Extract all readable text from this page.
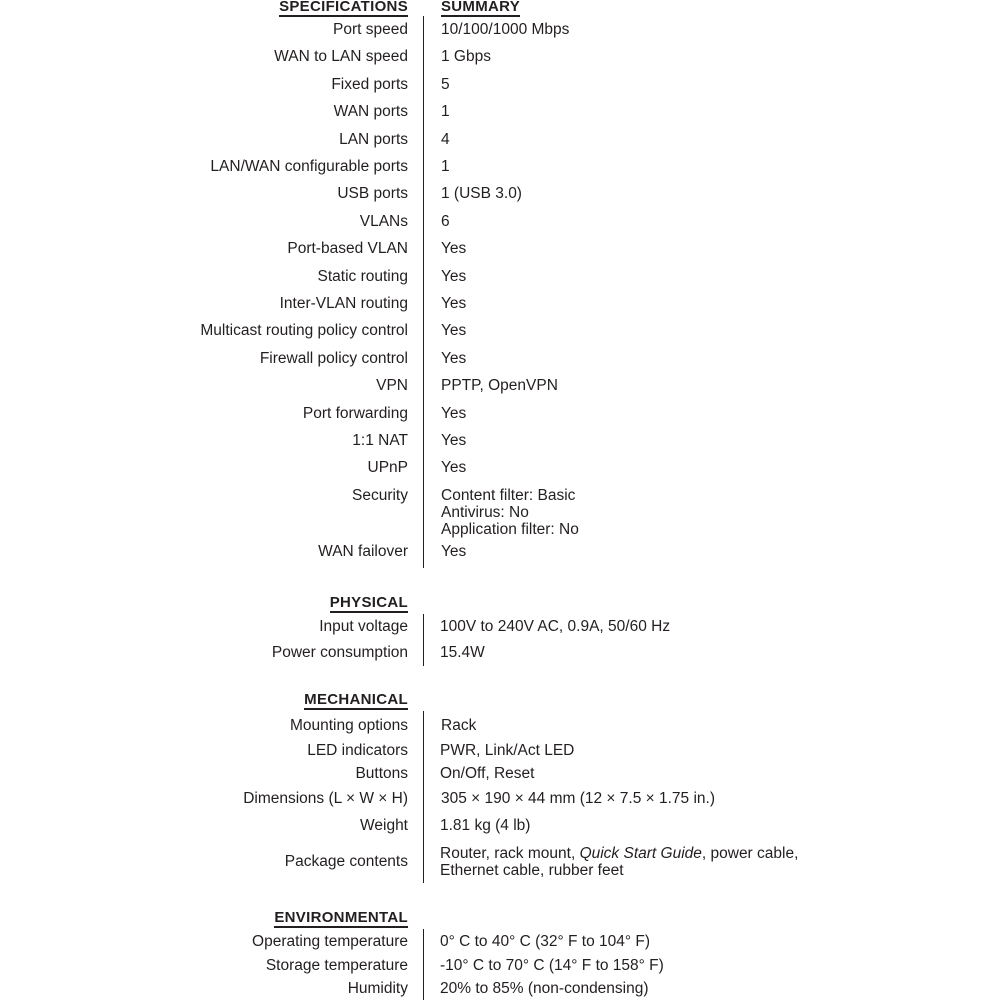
SPECIFICATIONS SUMMARY
Port speed 10/100/1000 Mbps
WAN to LAN speed 1 Gbps
Fixed ports 5
WAN ports 1
LAN ports 4
LAN/WAN configurable ports 1
USB ports 1 (USB 3.0)
VLANs 6
Port-based VLAN Yes
Static routing Yes
Inter-VLAN routing Yes
Multicast routing policy control Yes
Firewall policy control Yes
VPN PPTP, OpenVPN
Port forwarding Yes
1:1 NAT Yes
UPnP Yes
Security Content filter: Basic
Antivirus: No
Application filter: No
WAN failover Yes
PHYSICAL
Input voltage 100V to 240V AC, 0.9A, 50/60 Hz
Power consumption 15.4W
MECHANICAL
Mounting options Rack
LED indicators PWR, Link/Act LED
Buttons On/Off, Reset
Dimensions (L × W × H) 305 × 190 × 44 mm (12 × 7.5 × 1.75 in.)
Weight 1.81 kg (4 lb)
Package contents Router, rack mount, Quick Start Guide, power cable,
Ethernet cable, rubber feet
ENVIRONMENTAL
Operating temperature 0° C to 40° C (32° F to 104° F)
Storage temperature -10° C to 70° C (14° F to 158° F)
Humidity 20% to 85% (non-condensing)
